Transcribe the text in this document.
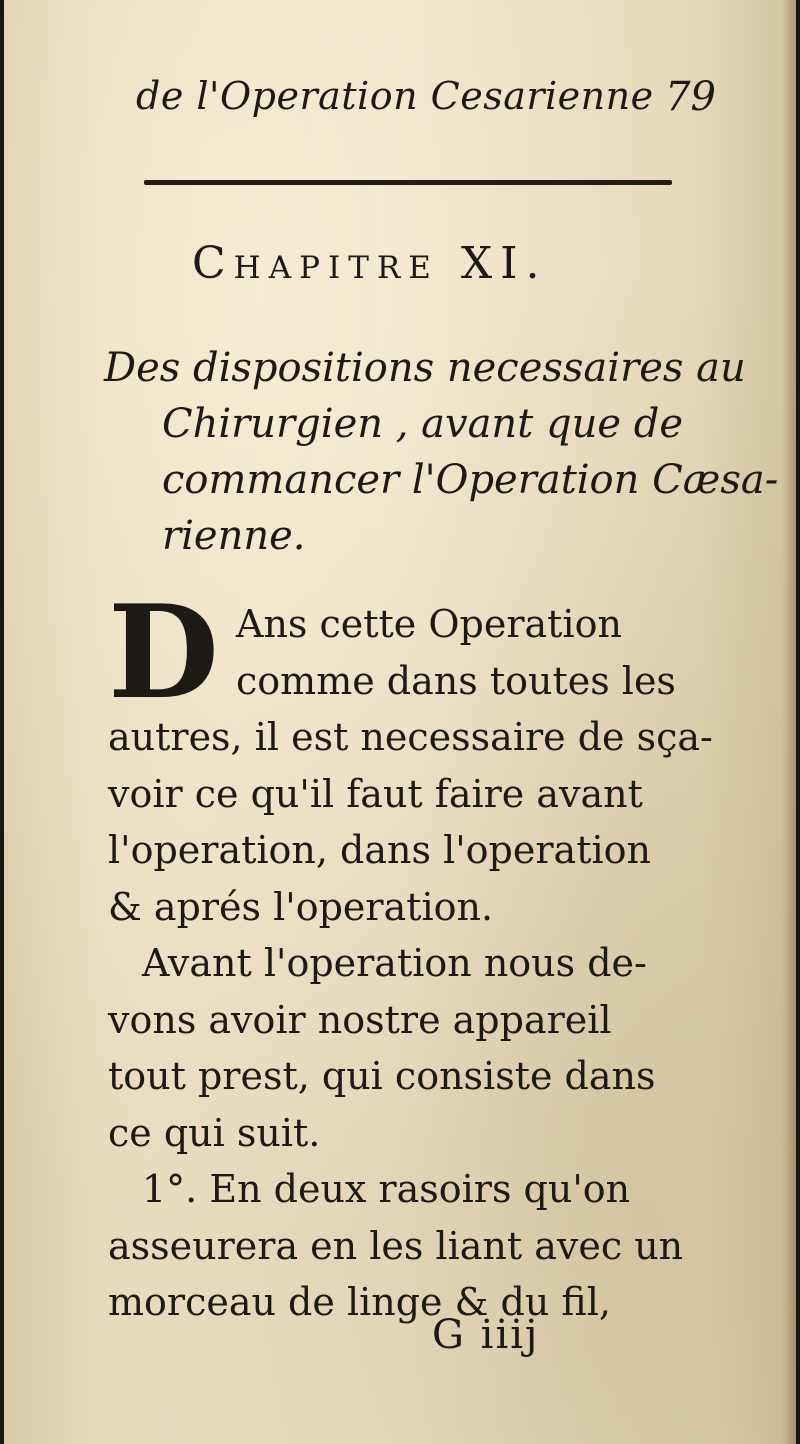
de l'Operation Cesarienne 79
Chapitre XI.
Des dispositions necessaires au
Chirurgien , avant que de
commancer l'Operation Cæsa-
rienne.
D Ans cette Operation
comme dans toutes les
autres, il est necessaire de sça-
voir ce qu'il faut faire avant
l'operation, dans l'operation
& aprés l'operation.
Avant l'operation nous de-
vons avoir nostre appareil
tout prest, qui consiste dans
ce qui suit.
1°. En deux rasoirs qu'on
asseurera en les liant avec un
morceau de linge & du fil,
G iiij
